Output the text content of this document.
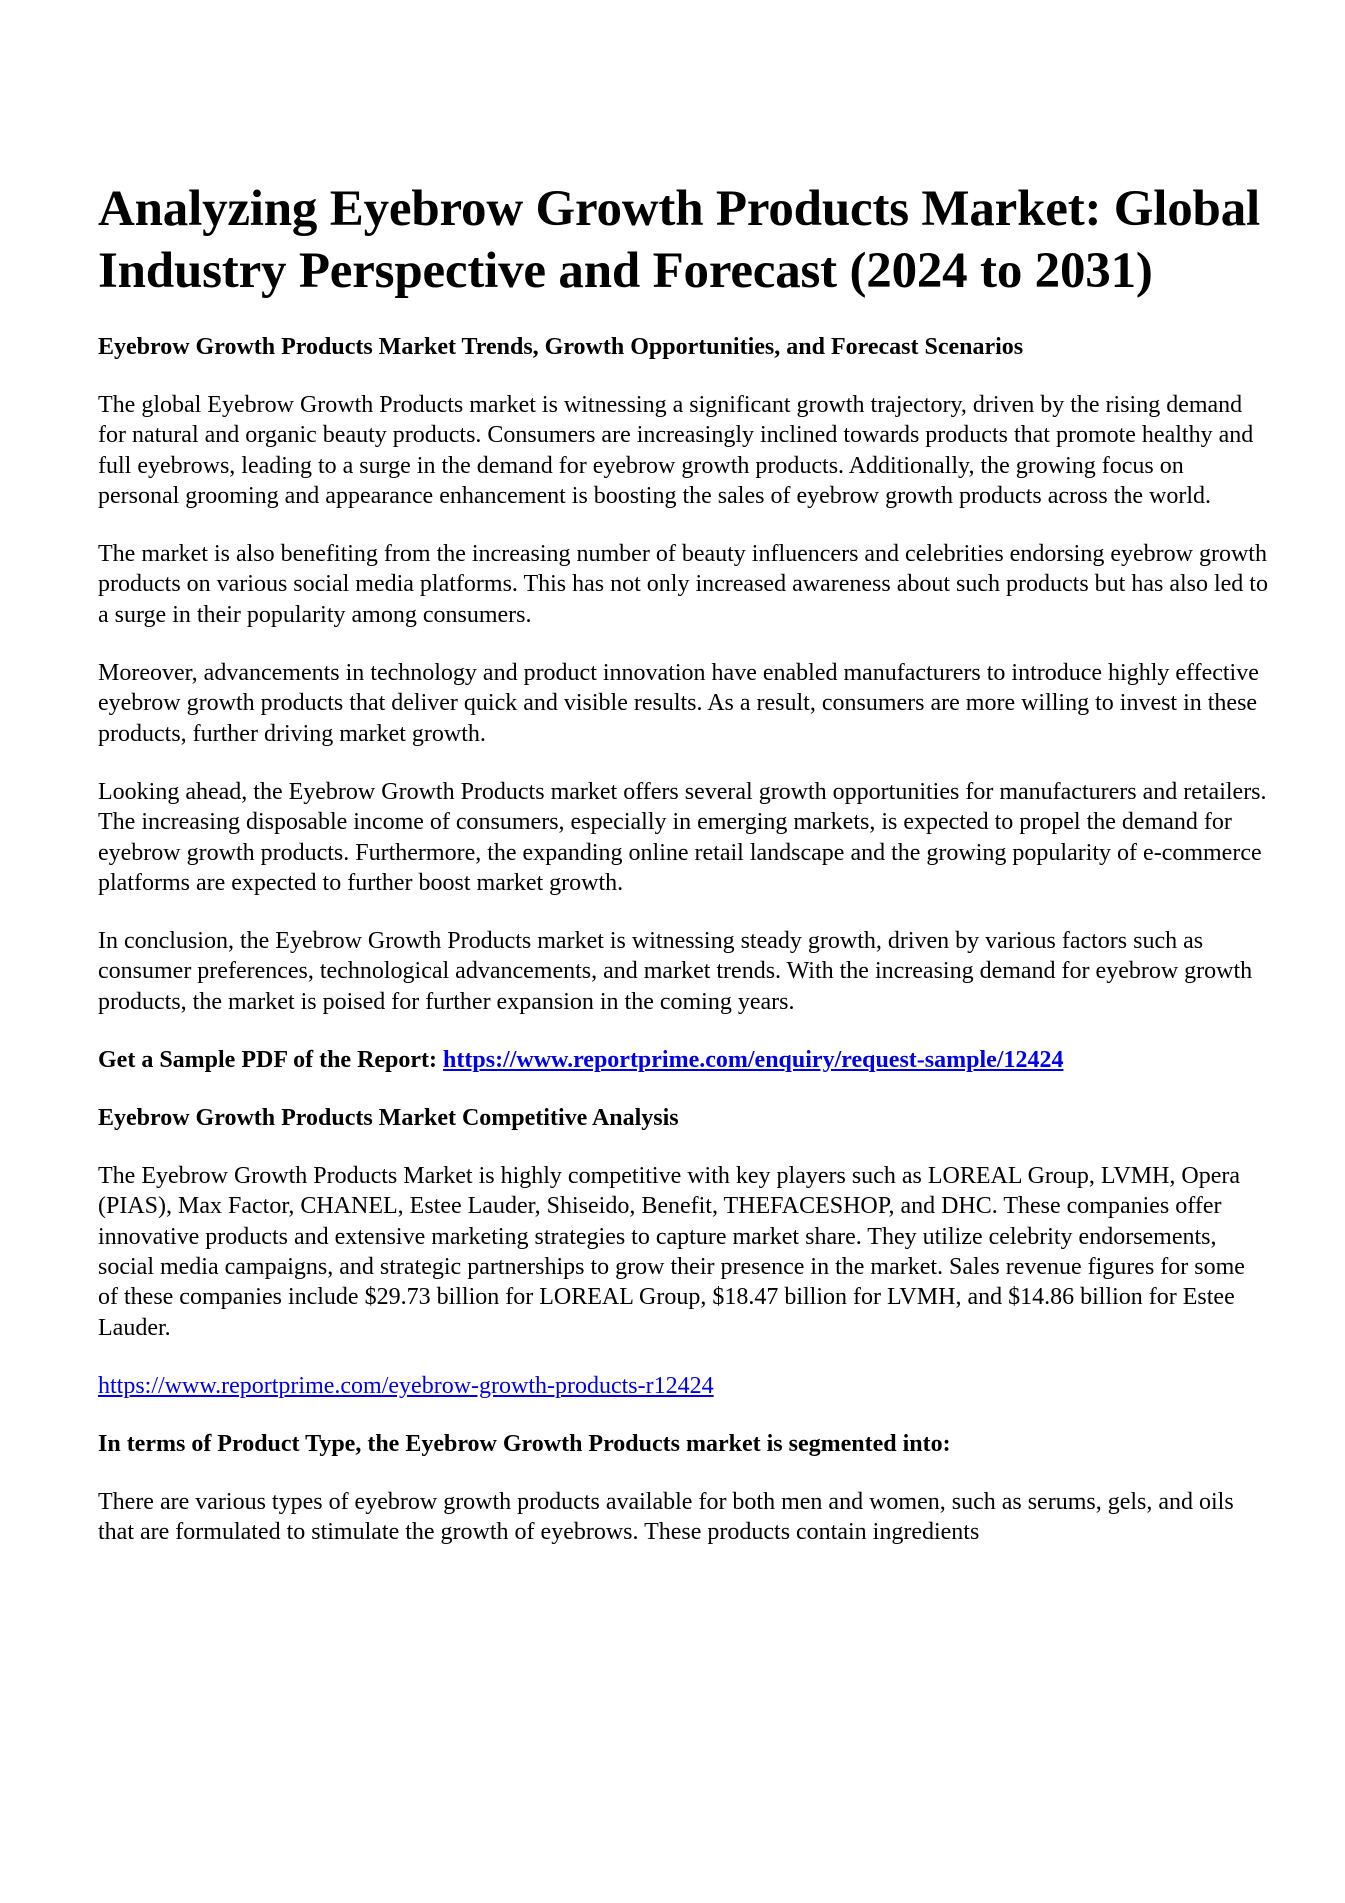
Analyzing Eyebrow Growth Products Market: Global Industry Perspective and Forecast (2024 to 2031)
Eyebrow Growth Products Market Trends, Growth Opportunities, and Forecast Scenarios

The global Eyebrow Growth Products market is witnessing a significant growth trajectory, driven by the rising demand for natural and organic beauty products. Consumers are increasingly inclined towards products that promote healthy and full eyebrows, leading to a surge in the demand for eyebrow growth products. Additionally, the growing focus on personal grooming and appearance enhancement is boosting the sales of eyebrow growth products across the world.

The market is also benefiting from the increasing number of beauty influencers and celebrities endorsing eyebrow growth products on various social media platforms. This has not only increased awareness about such products but has also led to a surge in their popularity among consumers.

Moreover, advancements in technology and product innovation have enabled manufacturers to introduce highly effective eyebrow growth products that deliver quick and visible results. As a result, consumers are more willing to invest in these products, further driving market growth.

Looking ahead, the Eyebrow Growth Products market offers several growth opportunities for manufacturers and retailers. The increasing disposable income of consumers, especially in emerging markets, is expected to propel the demand for eyebrow growth products. Furthermore, the expanding online retail landscape and the growing popularity of e-commerce platforms are expected to further boost market growth.

In conclusion, the Eyebrow Growth Products market is witnessing steady growth, driven by various factors such as consumer preferences, technological advancements, and market trends. With the increasing demand for eyebrow growth products, the market is poised for further expansion in the coming years.

Get a Sample PDF of the Report: https://www.reportprime.com/enquiry/request-sample/12424
Eyebrow Growth Products Market Competitive Analysis

The Eyebrow Growth Products Market is highly competitive with key players such as LOREAL Group, LVMH, Opera (PIAS), Max Factor, CHANEL, Estee Lauder, Shiseido, Benefit, THEFACESHOP, and DHC. These companies offer innovative products and extensive marketing strategies to capture market share. They utilize celebrity endorsements, social media campaigns, and strategic partnerships to grow their presence in the market. Sales revenue figures for some of these companies include $29.73 billion for LOREAL Group, $18.47 billion for LVMH, and $14.86 billion for Estee Lauder.

https://www.reportprime.com/eyebrow-growth-products-r12424
In terms of Product Type, the Eyebrow Growth Products market is segmented into:

There are various types of eyebrow growth products available for both men and women, such as serums, gels, and oils that are formulated to stimulate the growth of eyebrows. These products contain ingredients
